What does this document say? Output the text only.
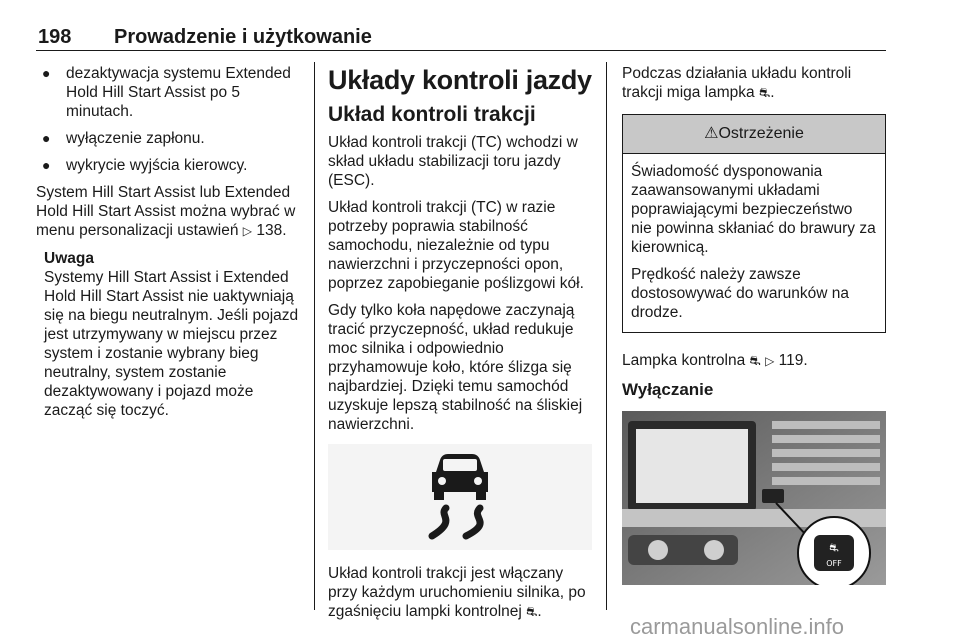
198 Prowadzenie i użytkowanie
● dezaktywacja systemu Extended Hold Hill Start Assist po 5 minutach.
● wyłączenie zapłonu.
● wykrycie wyjścia kierowcy.

System Hill Start Assist lub Extended Hold Hill Start Assist można wybrać w menu personalizacji ustawień ▷ 138.

Uwaga
Systemy Hill Start Assist i Extended Hold Hill Start Assist nie uaktywniają się na biegu neutralnym. Jeśli pojazd jest utrzymywany w miejscu przez system i zostanie wybrany bieg neutralny, system zostanie dezaktywowany i pojazd może zacząć się toczyć.
Układy kontroli jazdy
Układ kontroli trakcji

Układ kontroli trakcji (TC) wchodzi w skład układu stabilizacji toru jazdy (ESC).

Układ kontroli trakcji (TC) w razie potrzeby poprawia stabilność samochodu, niezależnie od typu nawierzchni i przyczepności opon, poprzez zapobieganie poślizgowi kół.

Gdy tylko koła napędowe zaczynają tracić przyczepność, układ redukuje moc silnika i odpowiednio przyhamowuje koło, które ślizga się najbardziej. Dzięki temu samochód uzyskuje lepszą stabilność na śliskiej nawierzchni.

Układ kontroli trakcji jest włączany przy każdym uruchomieniu silnika, po zgaśnięciu lampki kontrolnej ⛐.

Podczas działania układu kontroli trakcji miga lampka ⛐.

⚠Ostrzeżenie

Świadomość dysponowania zaawansowanymi układami poprawiającymi bezpieczeństwo nie powinna skłaniać do brawury za kierownicą.

Prędkość należy zawsze dostosowywać do warunków na drodze.

Lampka kontrolna ⛐ ▷ 119.

Wyłączanie
⛐
OFF
carmanualsonline.info
